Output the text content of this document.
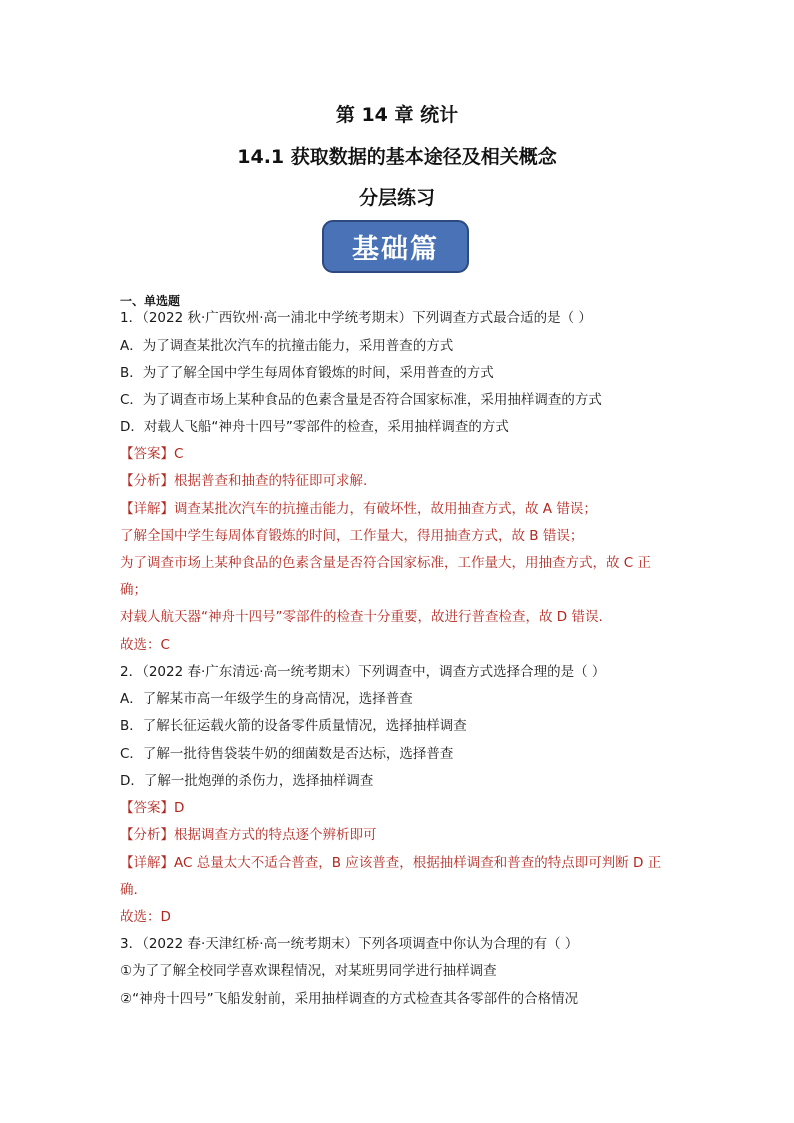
第 14 章 统计
14.1 获取数据的基本途径及相关概念
分层练习
基础篇
一、单选题
1．（2022 秋·广西钦州·高一浦北中学统考期末）下列调查方式最合适的是（ ）
A．为了调查某批次汽车的抗撞击能力，采用普查的方式
B．为了了解全国中学生每周体育锻炼的时间，采用普查的方式
C．为了调查市场上某种食品的色素含量是否符合国家标准，采用抽样调查的方式
D．对载人飞船“神舟十四号”零部件的检查，采用抽样调查的方式
【答案】C
【分析】根据普查和抽查的特征即可求解.
【详解】调查某批次汽车的抗撞击能力，有破坏性，故用抽查方式，故 A 错误；
了解全国中学生每周体育锻炼的时间，工作量大，得用抽查方式，故 B 错误；
为了调查市场上某种食品的色素含量是否符合国家标准，工作量大，用抽查方式，故 C 正
确；
对载人航天器“神舟十四号”零部件的检查十分重要，故进行普查检查，故 D 错误.
故选：C
2．（2022 春·广东清远·高一统考期末）下列调查中，调查方式选择合理的是（ ）
A．了解某市高一年级学生的身高情况，选择普查
B．了解长征运载火箭的设备零件质量情况，选择抽样调查
C．了解一批待售袋装牛奶的细菌数是否达标，选择普查
D．了解一批炮弹的杀伤力，选择抽样调查
【答案】D
【分析】根据调查方式的特点逐个辨析即可
【详解】AC 总量太大不适合普查，B 应该普查，根据抽样调查和普查的特点即可判断 D 正
确.
故选：D
3．（2022 春·天津红桥·高一统考期末）下列各项调查中你认为合理的有（ ）
①为了了解全校同学喜欢课程情况，对某班男同学进行抽样调查
②“神舟十四号”飞船发射前，采用抽样调查的方式检查其各零部件的合格情况
